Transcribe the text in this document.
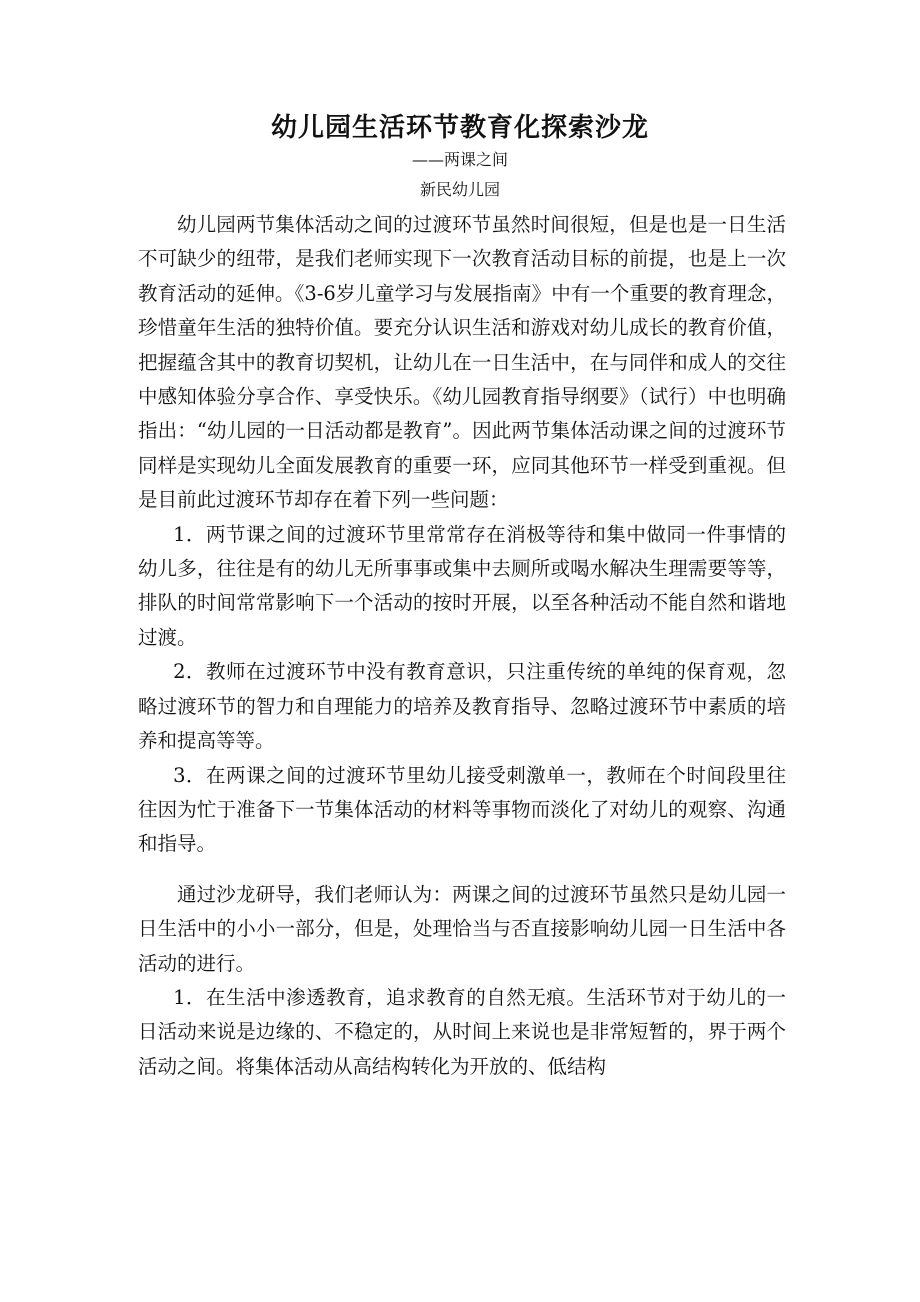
幼儿园生活环节教育化探索沙龙
——两课之间
新民幼儿园

幼儿园两节集体活动之间的过渡环节虽然时间很短，但是也是一日生活不可缺少的纽带，是我们老师实现下一次教育活动目标的前提，也是上一次教育活动的延伸。《3-6岁儿童学习与发展指南》中有一个重要的教育理念，珍惜童年生活的独特价值。要充分认识生活和游戏对幼儿成长的教育价值，把握蕴含其中的教育切契机，让幼儿在一日生活中，在与同伴和成人的交往中感知体验分享合作、享受快乐。《幼儿园教育指导纲要》（试行）中也明确指出：“幼儿园的一日活动都是教育”。因此两节集体活动课之间的过渡环节同样是实现幼儿全面发展教育的重要一环，应同其他环节一样受到重视。但是目前此过渡环节却存在着下列一些问题：

1．两节课之间的过渡环节里常常存在消极等待和集中做同一件事情的幼儿多，往往是有的幼儿无所事事或集中去厕所或喝水解决生理需要等等，排队的时间常常影响下一个活动的按时开展，以至各种活动不能自然和谐地过渡。

2．教师在过渡环节中没有教育意识，只注重传统的单纯的保育观，忽略过渡环节的智力和自理能力的培养及教育指导、忽略过渡环节中素质的培养和提高等等。

3．在两课之间的过渡环节里幼儿接受刺激单一，教师在个时间段里往往因为忙于准备下一节集体活动的材料等事物而淡化了对幼儿的观察、沟通和指导。

通过沙龙研导，我们老师认为：两课之间的过渡环节虽然只是幼儿园一日生活中的小小一部分，但是，处理恰当与否直接影响幼儿园一日生活中各活动的进行。

1．在生活中渗透教育，追求教育的自然无痕。生活环节对于幼儿的一日活动来说是边缘的、不稳定的，从时间上来说也是非常短暂的，界于两个活动之间。将集体活动从高结构转化为开放的、低结构
